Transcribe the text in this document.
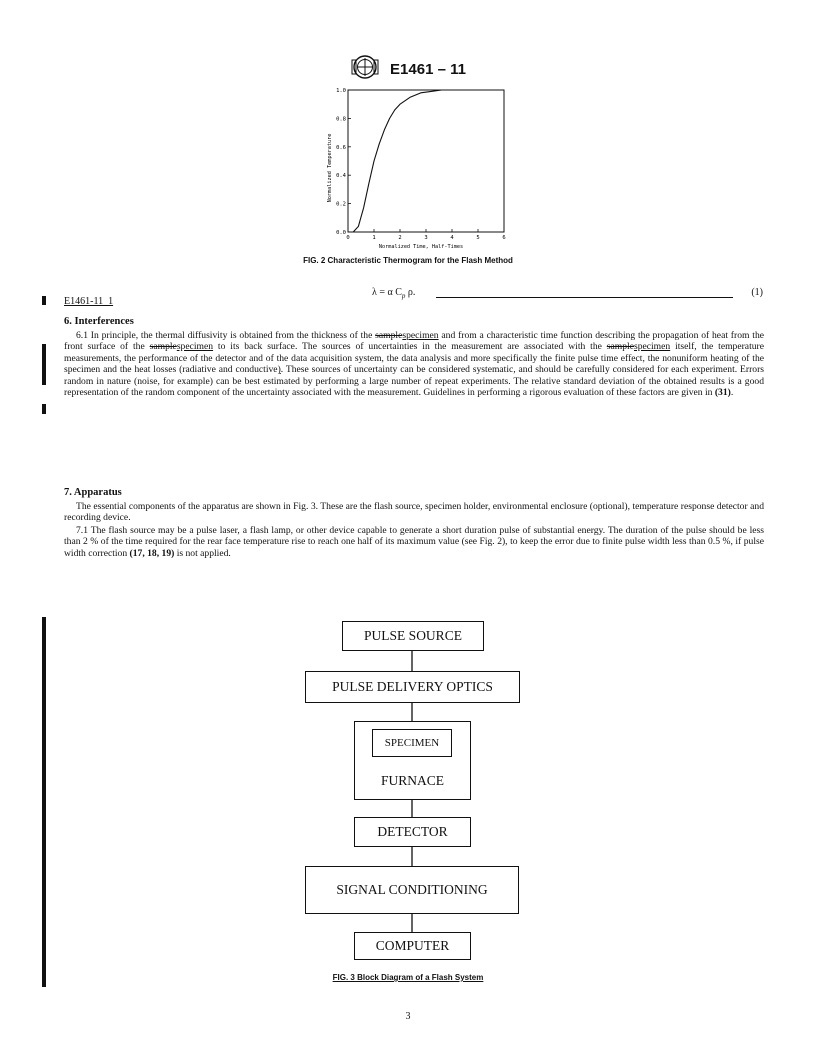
E1461 – 11
0	1	2	3	4	5	6
0.0
0.2
0.4
0.6
0.8
1.0
Normalized Temperature
Normalized Time, Half-Times
FIG. 2 Characteristic Thermogram for the Flash Method
λ = α $C_p$ ρ.	(1)
E1461-11_1
6. Interferences
6.1 In principle, the thermal diffusivity is obtained from the thickness of the samplespecimen and from a characteristic time function describing the propagation of heat from the front surface of the samplespecimen to its back surface. The sources of uncertainties in the measurement are associated with the samplespecimen itself, the temperature measurements, the performance of the detector and of the data acquisition system, the data analysis and more specifically the finite pulse time effect, the nonuniform heating of the specimen and the heat losses (radiative and conductive). These sources of uncertainty can be considered systematic, and should be carefully considered for each experiment. Errors random in nature (noise, for example) can be best estimated by performing a large number of repeat experiments. The relative standard deviation of the obtained results is a good representation of the random component of the uncertainty associated with the measurement. Guidelines in performing a rigorous evaluation of these factors are given in (31).
7. Apparatus
The essential components of the apparatus are shown in Fig. 3. These are the flash source, specimen holder, environmental enclosure (optional), temperature response detector and recording device.
7.1 The flash source may be a pulse laser, a flash lamp, or other device capable to generate a short duration pulse of substantial energy. The duration of the pulse should be less than 2 % of the time required for the rear face temperature rise to reach one half of its maximum value (see Fig. 2), to keep the error due to finite pulse width less than 0.5 %, if pulse width correction (17, 18, 19) is not applied.
PULSE SOURCE
PULSE DELIVERY OPTICS
FURNACE
SPECIMEN
DETECTOR
SIGNAL CONDITIONING
COMPUTER
FIG. 3 Block Diagram of a Flash System
3
